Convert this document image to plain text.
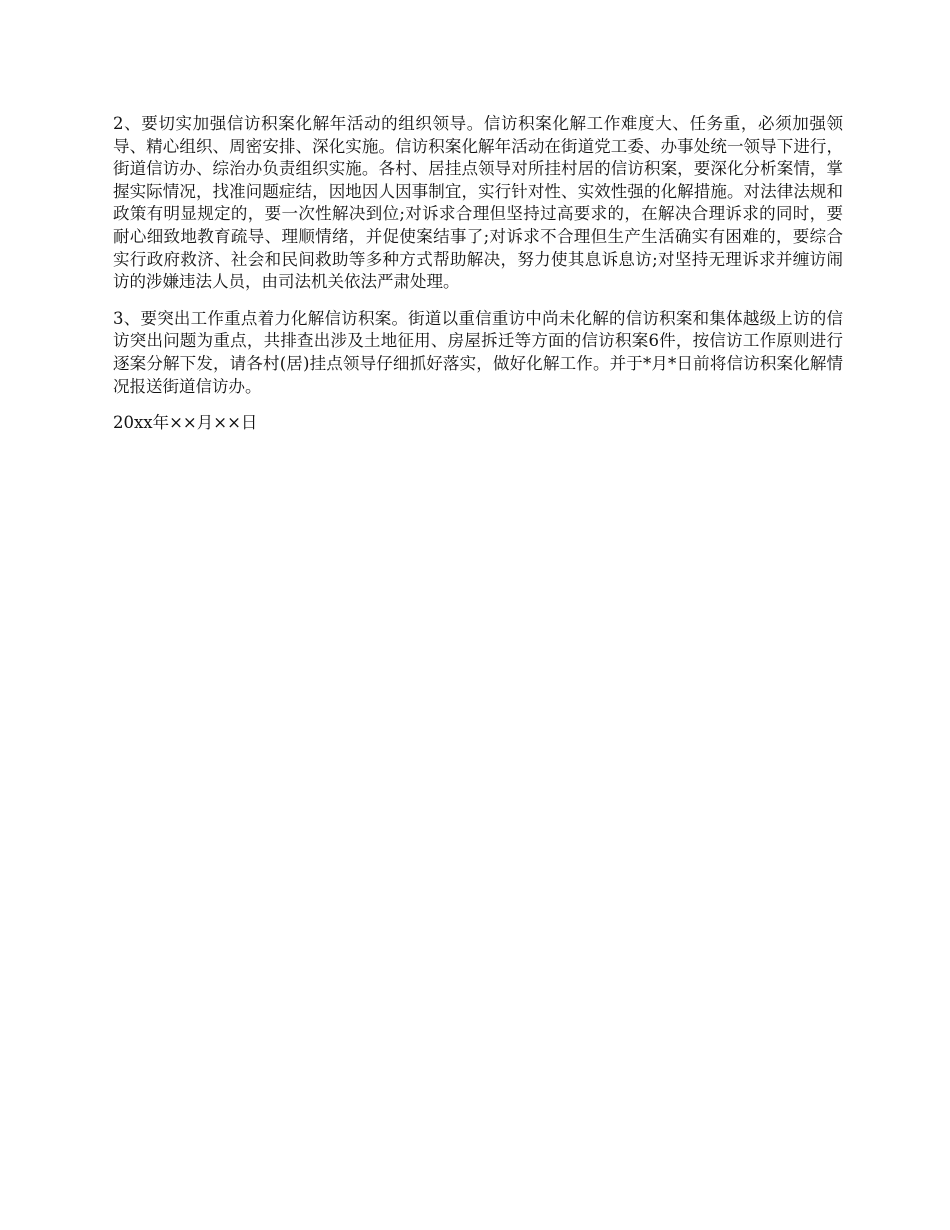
2、要切实加强信访积案化解年活动的组织领导。信访积案化解工作难度大、任务重，必须加强领导、精心组织、周密安排、深化实施。信访积案化解年活动在街道党工委、办事处统一领导下进行，街道信访办、综治办负责组织实施。各村、居挂点领导对所挂村居的信访积案，要深化分析案情，掌握实际情况，找准问题症结，因地因人因事制宜，实行针对性、实效性强的化解措施。对法律法规和政策有明显规定的，要一次性解决到位;对诉求合理但坚持过高要求的，在解决合理诉求的同时，要耐心细致地教育疏导、理顺情绪，并促使案结事了;对诉求不合理但生产生活确实有困难的，要综合实行政府救济、社会和民间救助等多种方式帮助解决，努力使其息诉息访;对坚持无理诉求并缠访闹访的涉嫌违法人员，由司法机关依法严肃处理。

3、要突出工作重点着力化解信访积案。街道以重信重访中尚未化解的信访积案和集体越级上访的信访突出问题为重点，共排查出涉及土地征用、房屋拆迁等方面的信访积案6件，按信访工作原则进行逐案分解下发，请各村(居)挂点领导仔细抓好落实，做好化解工作。并于*月*日前将信访积案化解情况报送街道信访办。

20xx年××月××日
